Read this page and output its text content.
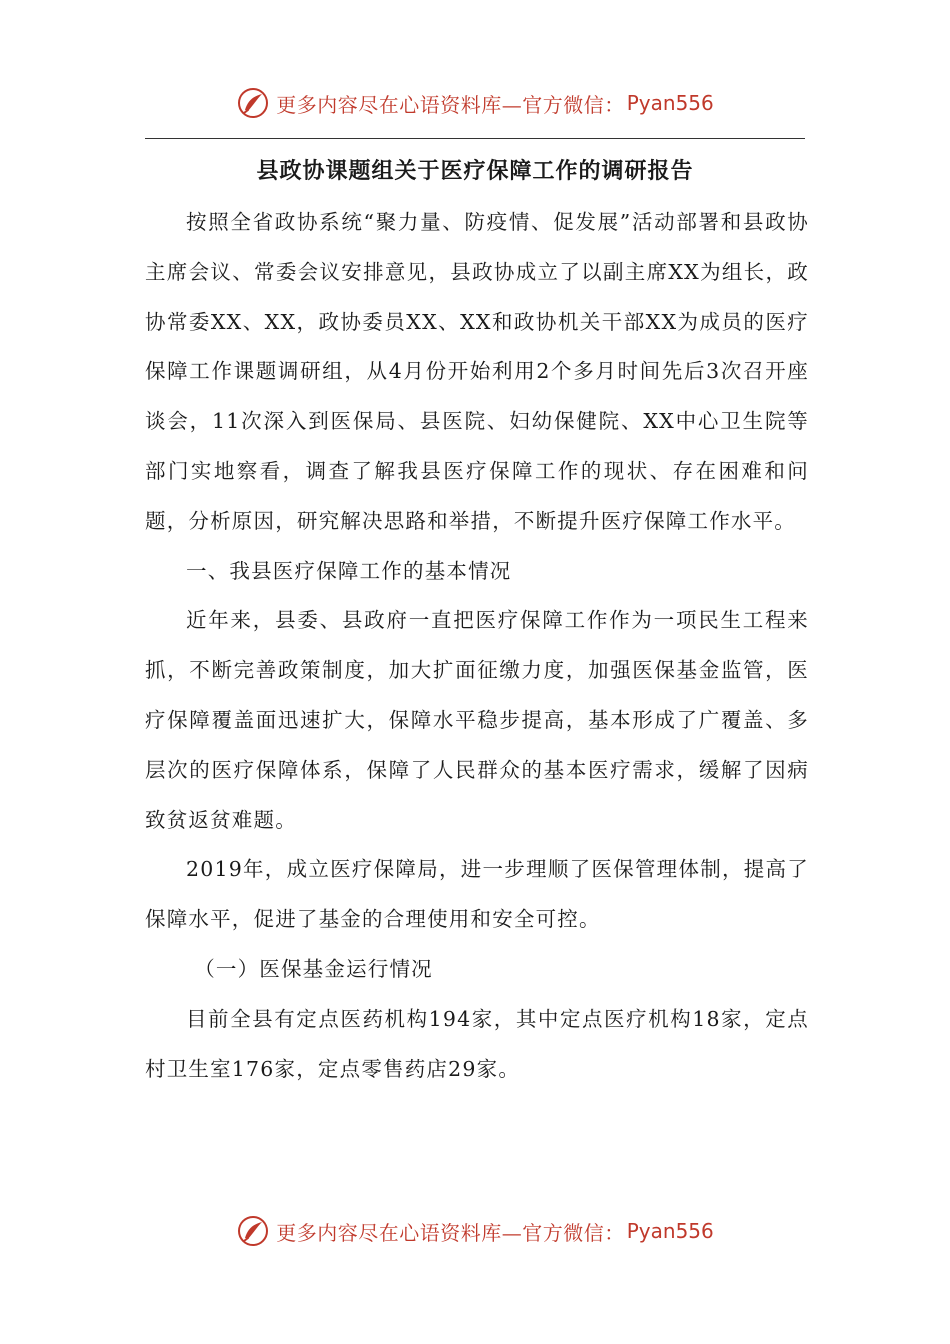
更多内容尽在心语资料库—官方微信： Pyan556
县政协课题组关于医疗保障工作的调研报告

按照全省政协系统“聚力量、防疫情、促发展”活动部署和县政协主席会议、常委会议安排意见，县政协成立了以副主席XX为组长，政协常委XX、XX，政协委员XX、XX和政协机关干部XX为成员的医疗保障工作课题调研组，从4月份开始利用2个多月时间先后3次召开座谈会，11次深入到医保局、县医院、妇幼保健院、XX中心卫生院等部门实地察看，调查了解我县医疗保障工作的现状、存在困难和问题，分析原因，研究解决思路和举措，不断提升医疗保障工作水平。

一、我县医疗保障工作的基本情况

近年来，县委、县政府一直把医疗保障工作作为一项民生工程来抓，不断完善政策制度，加大扩面征缴力度，加强医保基金监管，医疗保障覆盖面迅速扩大，保障水平稳步提高，基本形成了广覆盖、多层次的医疗保障体系，保障了人民群众的基本医疗需求，缓解了因病致贫返贫难题。

2019年，成立医疗保障局，进一步理顺了医保管理体制，提高了保障水平，促进了基金的合理使用和安全可控。

（一）医保基金运行情况

目前全县有定点医药机构194家，其中定点医疗机构18家，定点村卫生室176家，定点零售药店29家。

更多内容尽在心语资料库—官方微信： Pyan556
